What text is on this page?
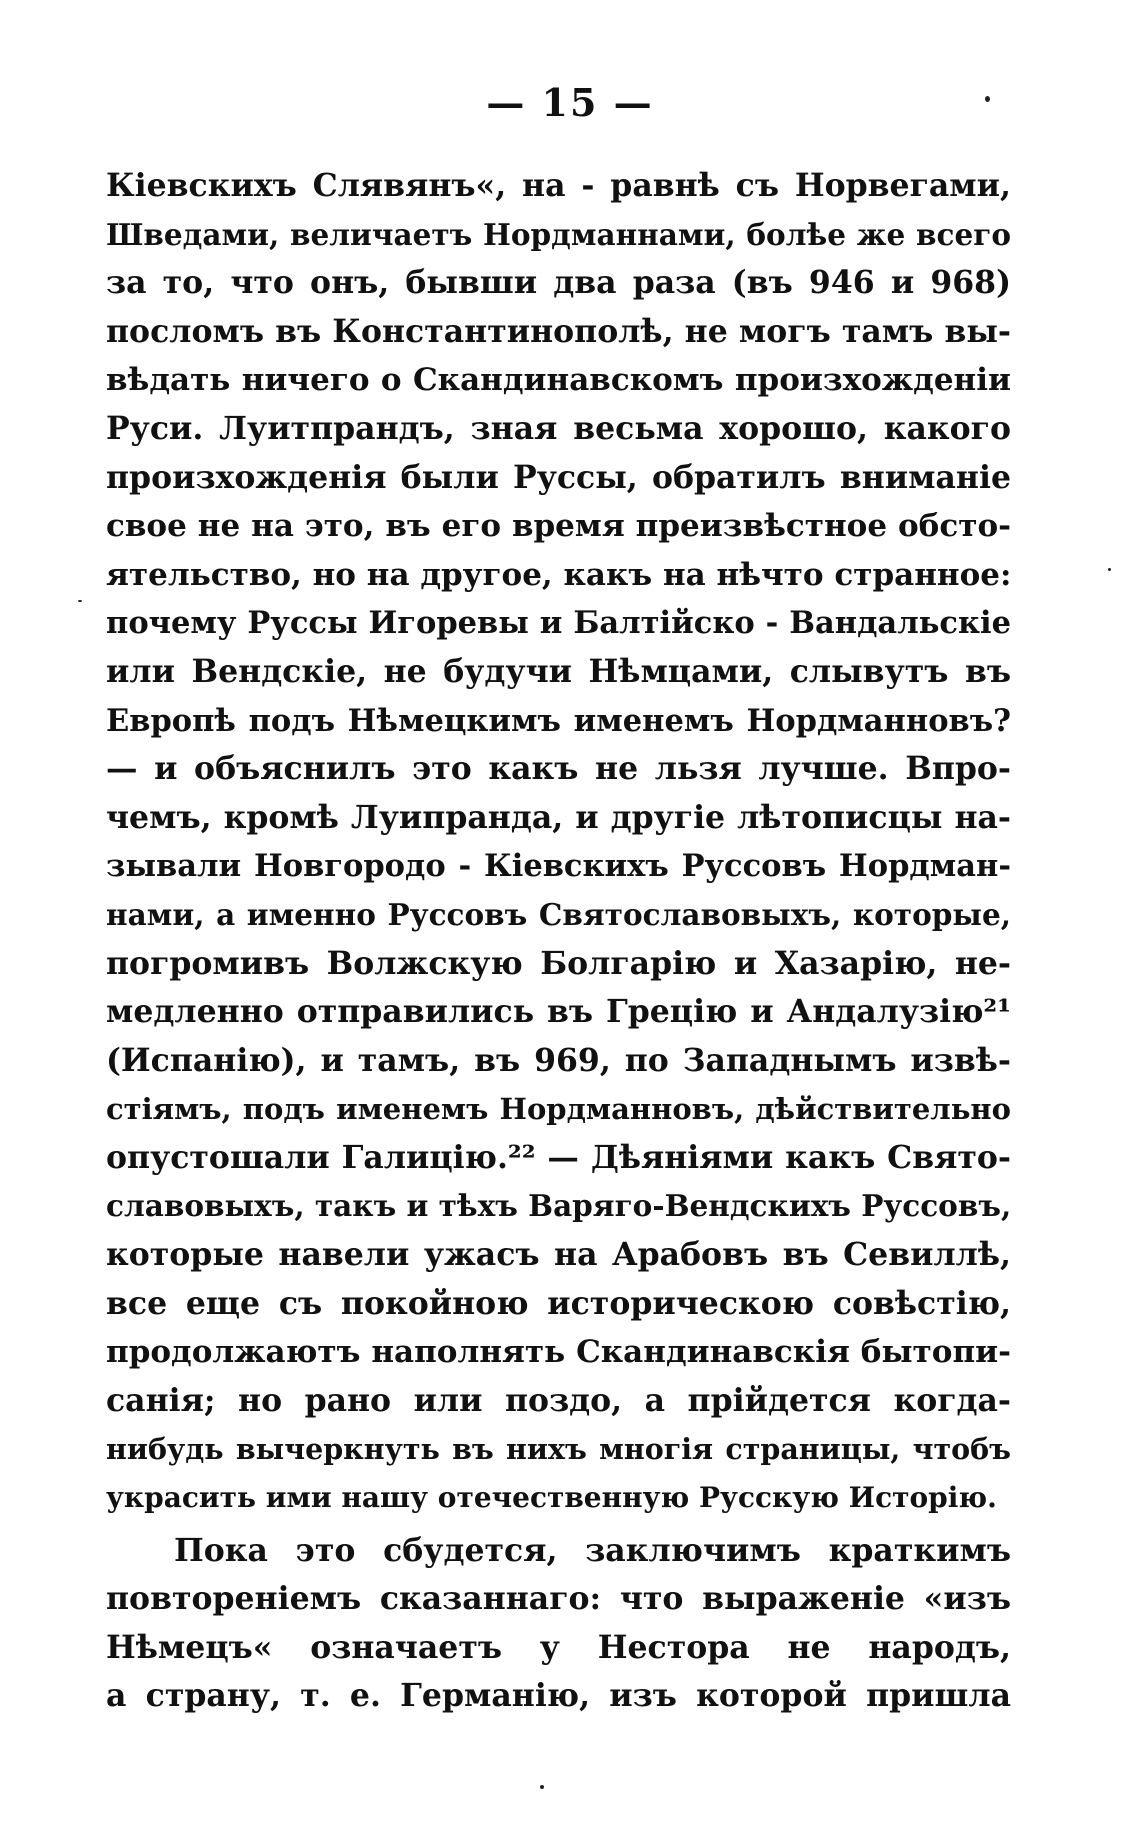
— 15 —
Кіевскихъ Слявянъ«, на - равнѣ съ Норвегами,
Шведами, величаетъ Нордманнами, болѣе же всего
за то, что онъ, бывши два раза (въ 946 и 968)
посломъ въ Константинополѣ, не могъ тамъ вы-
вѣдать ничего о Скандинавскомъ произхожденіи
Руси. Луитпрандъ, зная весьма хорошо, какого
произхожденія были Руссы, обратилъ вниманіе
свое не на это, въ его время преизвѣстное обсто-
ятельство, но на другое, какъ на нѣчто странное:
почему Руссы Игоревы и Балтійско - Вандальскіе
или Вендскіе, не будучи Нѣмцами, слывутъ въ
Европѣ подъ Нѣмецкимъ именемъ Нордманновъ?
— и объяснилъ это какъ не льзя лучше. Впро-
чемъ, кромѣ Луипранда, и другіе лѣтописцы на-
зывали Новгородо - Кіевскихъ Руссовъ Нордман-
нами, а именно Руссовъ Святославовыхъ, которые,
погромивъ Волжскую Болгарію и Хазарію, не-
медленно отправились въ Грецію и Андалузію²¹
(Испанію), и тамъ, въ 969, по Западнымъ извѣ-
стіямъ, подъ именемъ Нордманновъ, дѣйствительно
опустошали Галицію.²² — Дѣяніями какъ Свято-
славовыхъ, такъ и тѣхъ Варяго-Вендскихъ Руссовъ,
которые навели ужасъ на Арабовъ въ Севиллѣ,
все еще съ покойною историческою совѣстію,
продолжаютъ наполнять Скандинавскія бытопи-
санія; но рано или поздо, а прійдется когда-
нибудь вычеркнуть въ нихъ многія страницы, чтобъ
украсить ими нашу отечественную Русскую Исторію.
Пока это сбудется, заключимъ краткимъ
повтореніемъ сказаннаго: что выраженіе «изъ
Нѣмецъ« означаетъ у Нестора не народъ,
а страну, т. е. Германію, изъ которой пришла
